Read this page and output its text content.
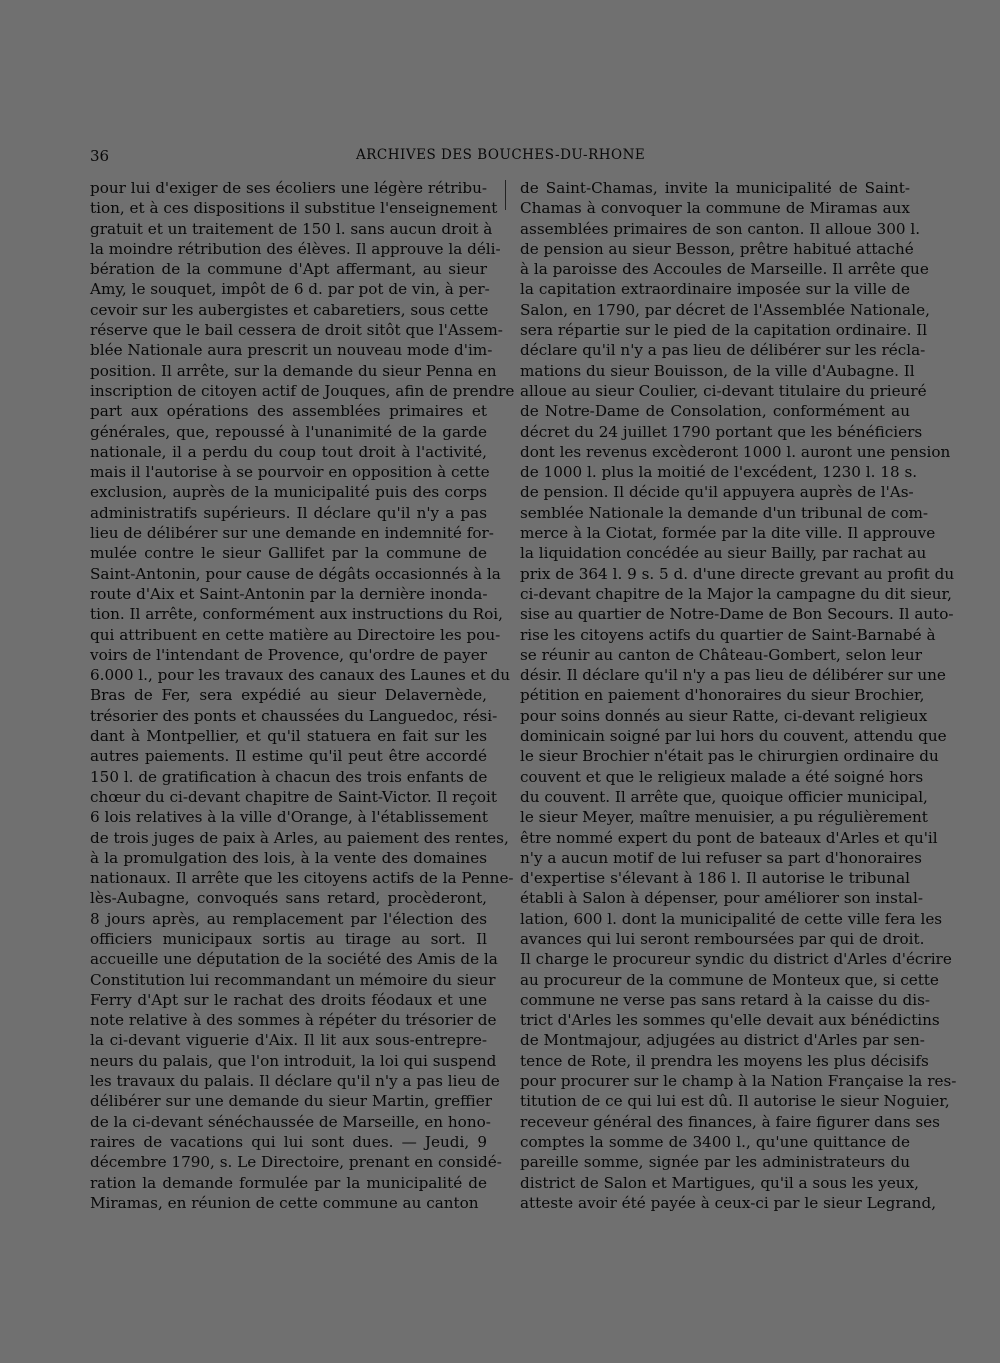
36	ARCHIVES DES BOUCHES-DU-RHONE
pour lui d'exiger de ses écoliers une légère rétribu-
tion, et à ces dispositions il substitue l'enseignement
gratuit et un traitement de 150 l. sans aucun droit à
la moindre rétribution des élèves. Il approuve la déli-
bération de la commune d'Apt affermant, au sieur
Amy, le souquet, impôt de 6 d. par pot de vin, à per-
cevoir sur les aubergistes et cabaretiers, sous cette
réserve que le bail cessera de droit sitôt que l'Assem-
blée Nationale aura prescrit un nouveau mode d'im-
position. Il arrête, sur la demande du sieur Penna en
inscription de citoyen actif de Jouques, afin de prendre
part aux opérations des assemblées primaires et
générales, que, repoussé à l'unanimité de la garde
nationale, il a perdu du coup tout droit à l'activité,
mais il l'autorise à se pourvoir en opposition à cette
exclusion, auprès de la municipalité puis des corps
administratifs supérieurs. Il déclare qu'il n'y a pas
lieu de délibérer sur une demande en indemnité for-
mulée contre le sieur Gallifet par la commune de
Saint-Antonin, pour cause de dégâts occasionnés à la
route d'Aix et Saint-Antonin par la dernière inonda-
tion. Il arrête, conformément aux instructions du Roi,
qui attribuent en cette matière au Directoire les pou-
voirs de l'intendant de Provence, qu'ordre de payer
6.000 l., pour les travaux des canaux des Launes et du
Bras de Fer, sera expédié au sieur Delavernède,
trésorier des ponts et chaussées du Languedoc, rési-
dant à Montpellier, et qu'il statuera en fait sur les
autres paiements. Il estime qu'il peut être accordé
150 l. de gratification à chacun des trois enfants de
chœur du ci-devant chapitre de Saint-Victor. Il reçoit
6 lois relatives à la ville d'Orange, à l'établissement
de trois juges de paix à Arles, au paiement des rentes,
à la promulgation des lois, à la vente des domaines
nationaux. Il arrête que les citoyens actifs de la Penne-
lès-Aubagne, convoqués sans retard, procèderont,
8 jours après, au remplacement par l'élection des
officiers municipaux sortis au tirage au sort. Il
accueille une députation de la société des Amis de la
Constitution lui recommandant un mémoire du sieur
Ferry d'Apt sur le rachat des droits féodaux et une
note relative à des sommes à répéter du trésorier de
la ci-devant viguerie d'Aix. Il lit aux sous-entrepre-
neurs du palais, que l'on introduit, la loi qui suspend
les travaux du palais. Il déclare qu'il n'y a pas lieu de
délibérer sur une demande du sieur Martin, greffier
de la ci-devant sénéchaussée de Marseille, en hono-
raires de vacations qui lui sont dues. — Jeudi, 9
décembre 1790, s. Le Directoire, prenant en considé-
ration la demande formulée par la municipalité de
Miramas, en réunion de cette commune au canton
de Saint-Chamas, invite la municipalité de Saint-
Chamas à convoquer la commune de Miramas aux
assemblées primaires de son canton. Il alloue 300 l.
de pension au sieur Besson, prêtre habitué attaché
à la paroisse des Accoules de Marseille. Il arrête que
la capitation extraordinaire imposée sur la ville de
Salon, en 1790, par décret de l'Assemblée Nationale,
sera répartie sur le pied de la capitation ordinaire. Il
déclare qu'il n'y a pas lieu de délibérer sur les récla-
mations du sieur Bouisson, de la ville d'Aubagne. Il
alloue au sieur Coulier, ci-devant titulaire du prieuré
de Notre-Dame de Consolation, conformément au
décret du 24 juillet 1790 portant que les bénéficiers
dont les revenus excèderont 1000 l. auront une pension
de 1000 l. plus la moitié de l'excédent, 1230 l. 18 s.
de pension. Il décide qu'il appuyera auprès de l'As-
semblée Nationale la demande d'un tribunal de com-
merce à la Ciotat, formée par la dite ville. Il approuve
la liquidation concédée au sieur Bailly, par rachat au
prix de 364 l. 9 s. 5 d. d'une directe grevant au profit du
ci-devant chapitre de la Major la campagne du dit sieur,
sise au quartier de Notre-Dame de Bon Secours. Il auto-
rise les citoyens actifs du quartier de Saint-Barnabé à
se réunir au canton de Château-Gombert, selon leur
désir. Il déclare qu'il n'y a pas lieu de délibérer sur une
pétition en paiement d'honoraires du sieur Brochier,
pour soins donnés au sieur Ratte, ci-devant religieux
dominicain soigné par lui hors du couvent, attendu que
le sieur Brochier n'était pas le chirurgien ordinaire du
couvent et que le religieux malade a été soigné hors
du couvent. Il arrête que, quoique officier municipal,
le sieur Meyer, maître menuisier, a pu régulièrement
être nommé expert du pont de bateaux d'Arles et qu'il
n'y a aucun motif de lui refuser sa part d'honoraires
d'expertise s'élevant à 186 l. Il autorise le tribunal
établi à Salon à dépenser, pour améliorer son instal-
lation, 600 l. dont la municipalité de cette ville fera les
avances qui lui seront remboursées par qui de droit.
Il charge le procureur syndic du district d'Arles d'écrire
au procureur de la commune de Monteux que, si cette
commune ne verse pas sans retard à la caisse du dis-
trict d'Arles les sommes qu'elle devait aux bénédictins
de Montmajour, adjugées au district d'Arles par sen-
tence de Rote, il prendra les moyens les plus décisifs
pour procurer sur le champ à la Nation Française la res-
titution de ce qui lui est dû. Il autorise le sieur Noguier,
receveur général des finances, à faire figurer dans ses
comptes la somme de 3400 l., qu'une quittance de
pareille somme, signée par les administrateurs du
district de Salon et Martigues, qu'il a sous les yeux,
atteste avoir été payée à ceux-ci par le sieur Legrand,
